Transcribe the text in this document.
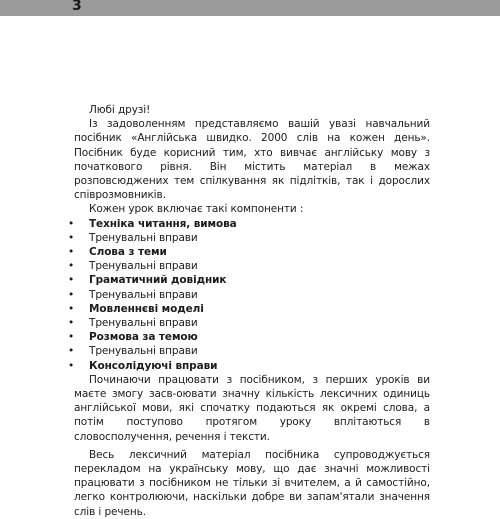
3

Любі друзі!

Із задоволенням представляємо вашій увазі навчальний посібник «Англійська швидко. 2000 слів на кожен день». Посібник буде корисний тим, хто вивчає англійську мову з початкового рівня. Він містить матеріал в межах розповсюджених тем спілкування як підлітків, так і дорослих співрозмовників.

Кожен урок включає такі компоненти :

• Техніка читання, вимова
• Тренувальні вправи
• Слова з теми
• Тренувальні вправи
• Граматичний довідник
• Тренувальні вправи
• Мовленнєві моделі
• Тренувальні вправи
• Розмова за темою
• Тренувальні вправи
• Консолідуючі вправи

Починаючи працювати з посібником, з перших уроків ви маєте змогу засв-оювати значну кількість лексичних одиниць англійської мови, які спочатку подаються як окремі слова, а потім поступово протягом уроку вплітаються в словосполучення, речення і тексти.

Весь лексичний матеріал посібника супроводжується перекладом на українську мову, що дає значні можливості працювати з посібником не тільки зі вчителем, а й самостійно, легко контролюючи, наскільки добре ви запам'ятали значення слів і речень.
